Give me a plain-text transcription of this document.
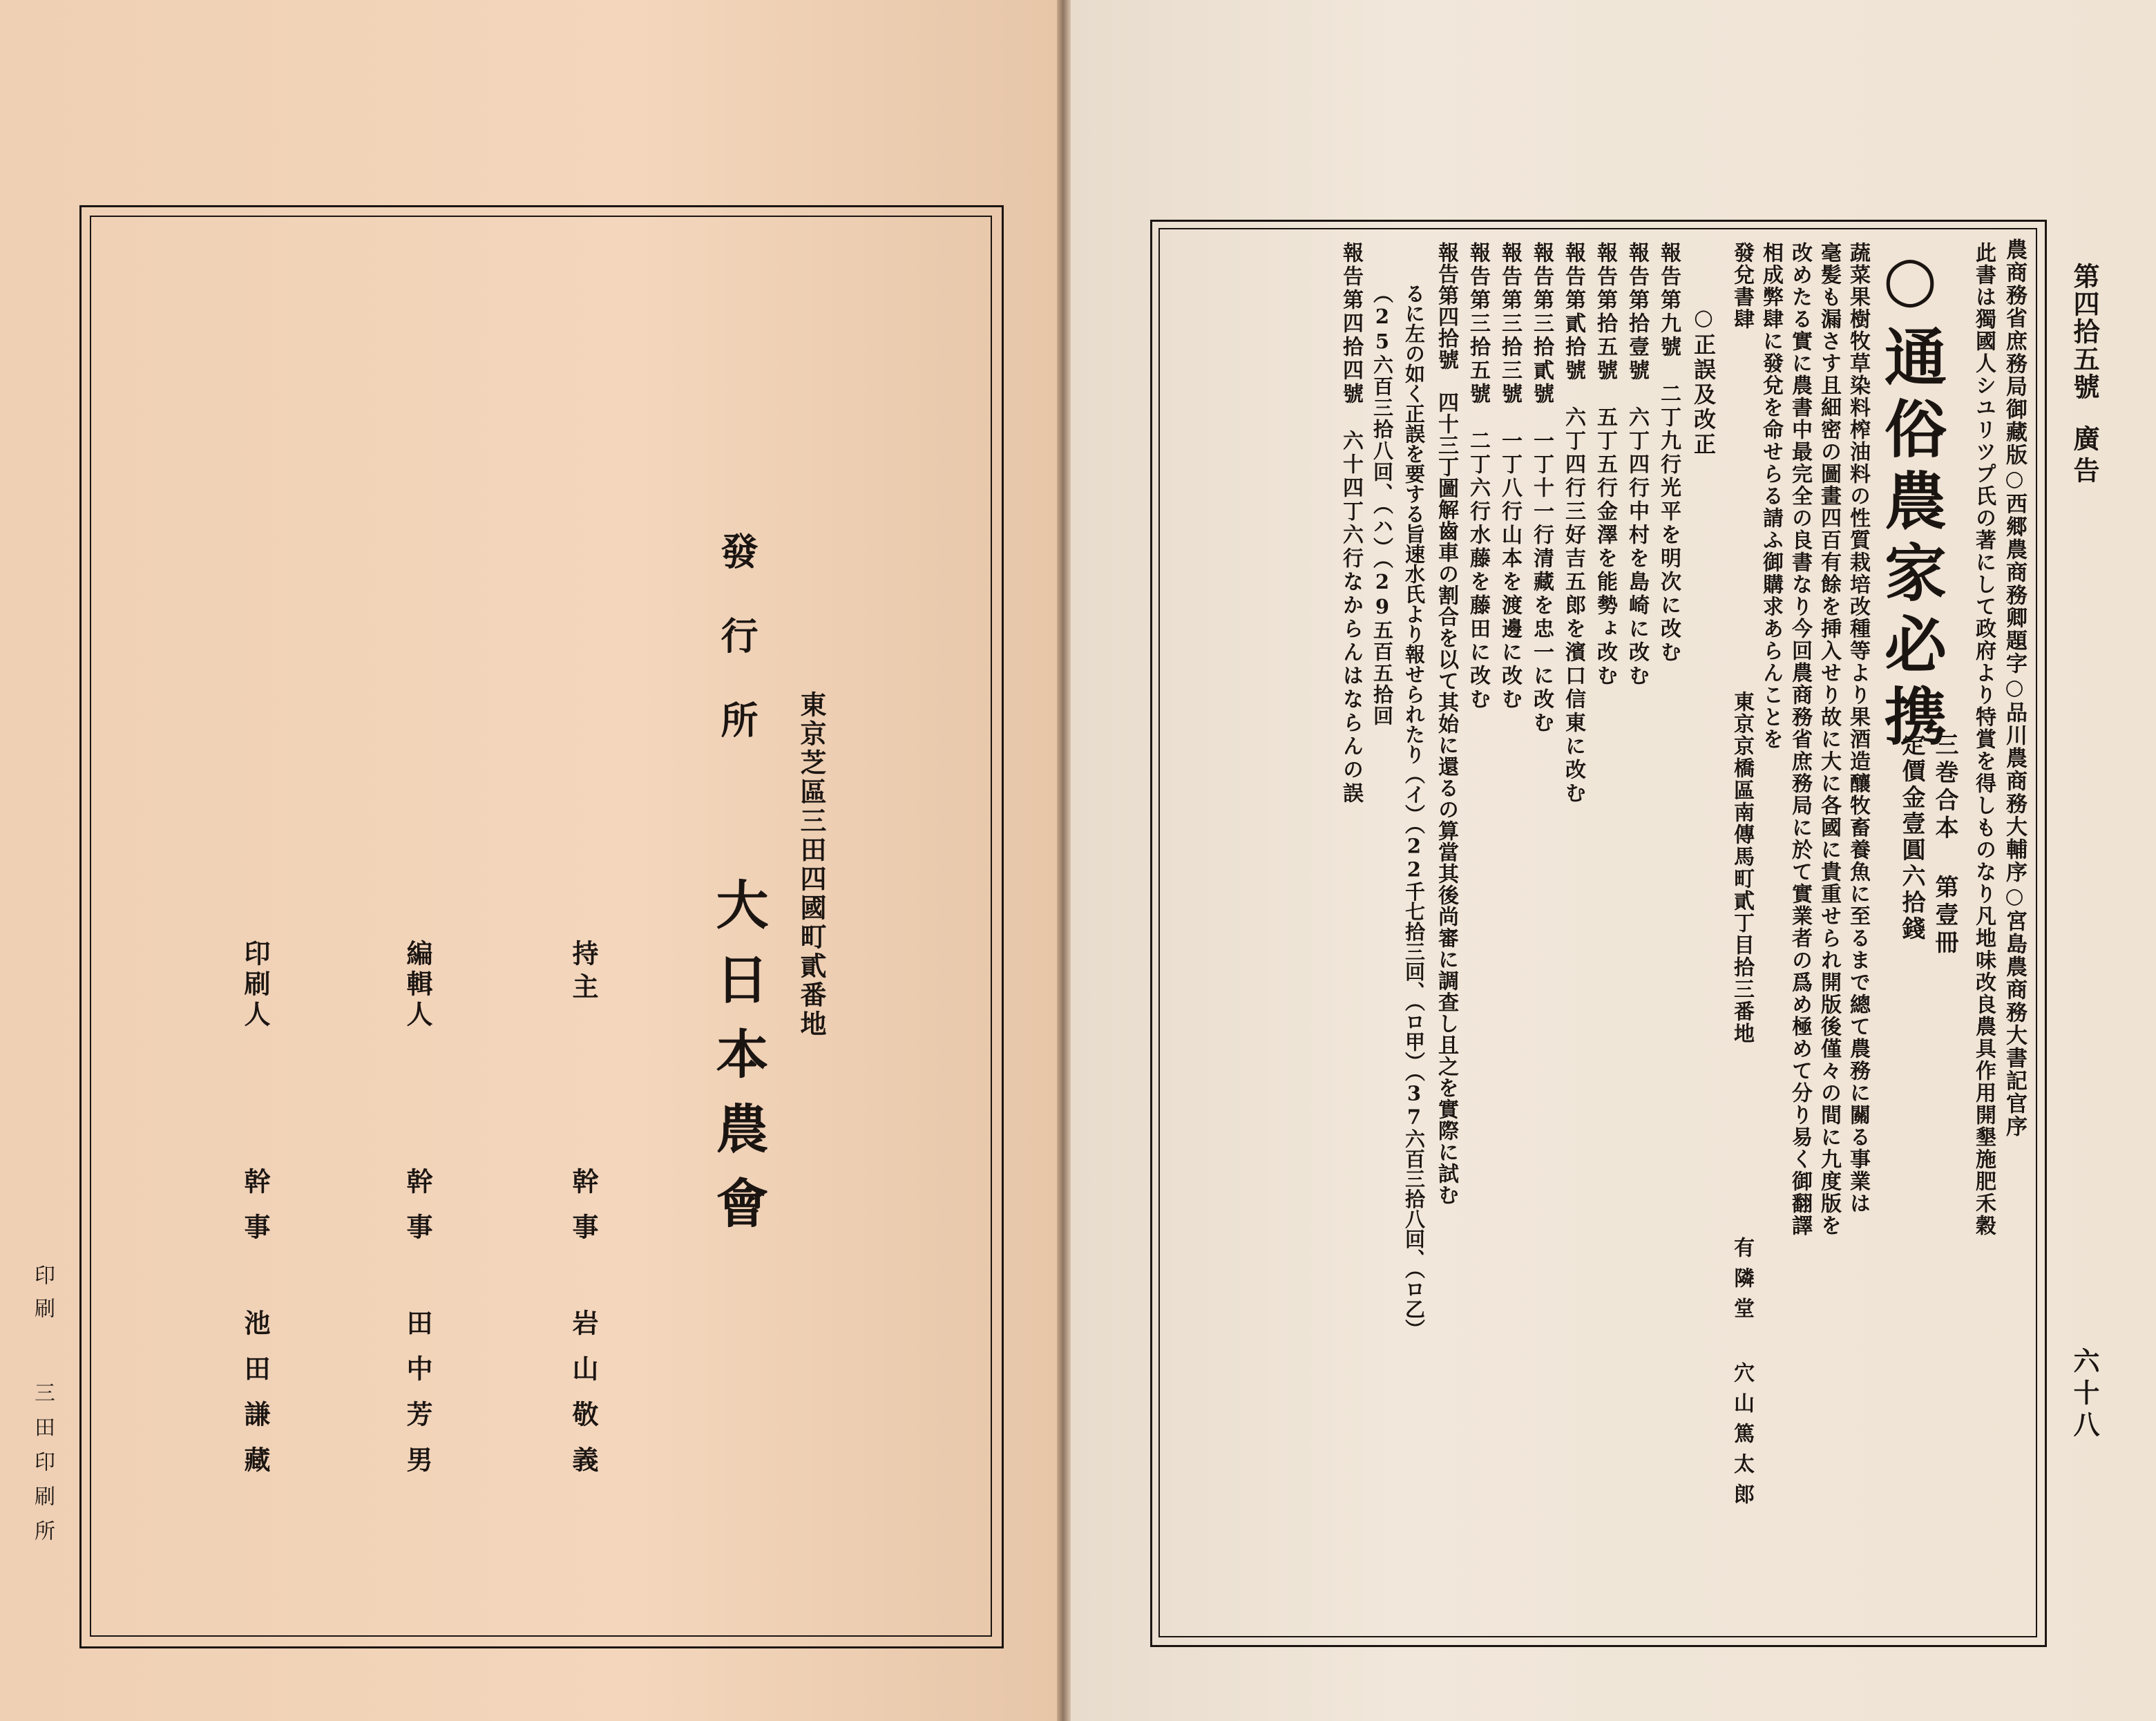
東京芝區三田四國町貳番地
發行所
大日本農會
持主
幹事 岩山敬義
編輯人
幹事 田中芳男
印刷人
幹事 池田謙藏
印刷
三田印刷所
第四拾五號
廣告
六十八
農商務省庶務局御藏版○西郷農商務卿題字○品川農商務大輔序○宮島農商務大書記官序
○通俗農家必携
三巻合本 第壹冊
定價金壹圓六拾錢 此書は獨國人シユリツプ氏の著にして政府より特賞を得しものなり凡地味改良農具作用開墾施肥禾穀
蔬菜果樹牧草染料榨油料の性質栽培改種等より果酒造釀牧畜養魚に至るまで總て農務に關る事業は
毫髪も漏さす且細密の圖畫四百有餘を挿入せり故に大に各國に貴重せられ開版後僅々の間に九度版を
改めたる實に農書中最完全の良書なり今回農商務省庶務局に於て實業者の爲め極めて分り易く御翻譯
相成弊肆に發兌を命せらる請ふ御購求あらんことを
發兌書肆
東京京橋區南傳馬町貳丁目拾三番地
有隣堂 穴山篤太郎
○正誤及改正
報告第九號　二丁九行光平を明次に改む
報告第拾壹號　六丁四行中村を島崎に改む
報告第拾五號　五丁五行金澤を能勢ょ改む
報告第貳拾號　六丁四行三好吉五郎を濱口信東に改む
報告第三拾貳號　一丁十一行清藏を忠一に改む
報告第三拾三號　一丁八行山本を渡邊に改む
報告第三拾五號　二丁六行水藤を藤田に改む
報告第四拾號　四十三丁圖解齒車の割合を以て其始に還るの算當其後尚審に調查し且之を實際に試む
るに左の如く正誤を要する旨速水氏より報せられたり（イ）（22千七拾三回、（ロ甲）（37六百三拾八回、（ロ乙）
（25六百三拾八回、（ハ）（29五百五拾回
報告第四拾四號　六十四丁六行なからんはならんの誤
